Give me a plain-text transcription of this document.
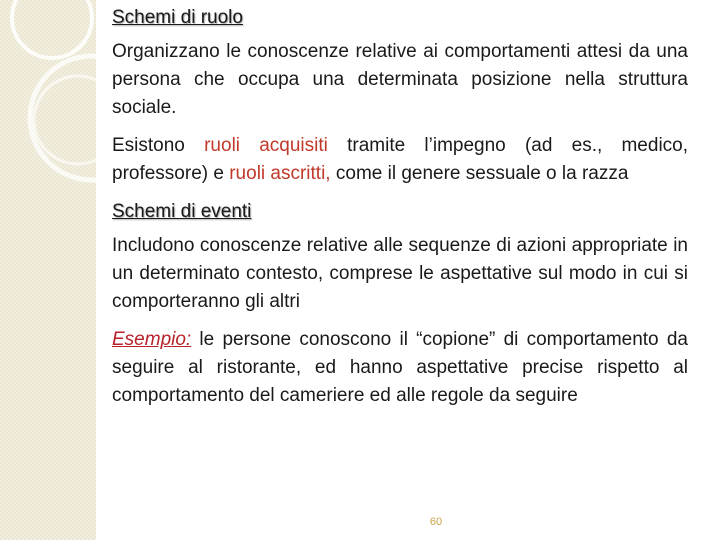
Schemi di ruolo

Organizzano le conoscenze relative ai comportamenti attesi da una persona che occupa una determinata posizione nella struttura sociale.

Esistono ruoli acquisiti tramite l’impegno (ad es., medico, professore) e ruoli ascritti, come il genere sessuale o la razza

Schemi di eventi

Includono conoscenze relative alle sequenze di azioni appropriate in un determinato contesto, comprese le aspettative sul modo in cui si comporteranno gli altri

Esempio: le persone conoscono il “copione” di comportamento da seguire al ristorante, ed hanno aspettative precise rispetto al comportamento del cameriere ed alle regole da seguire

60
